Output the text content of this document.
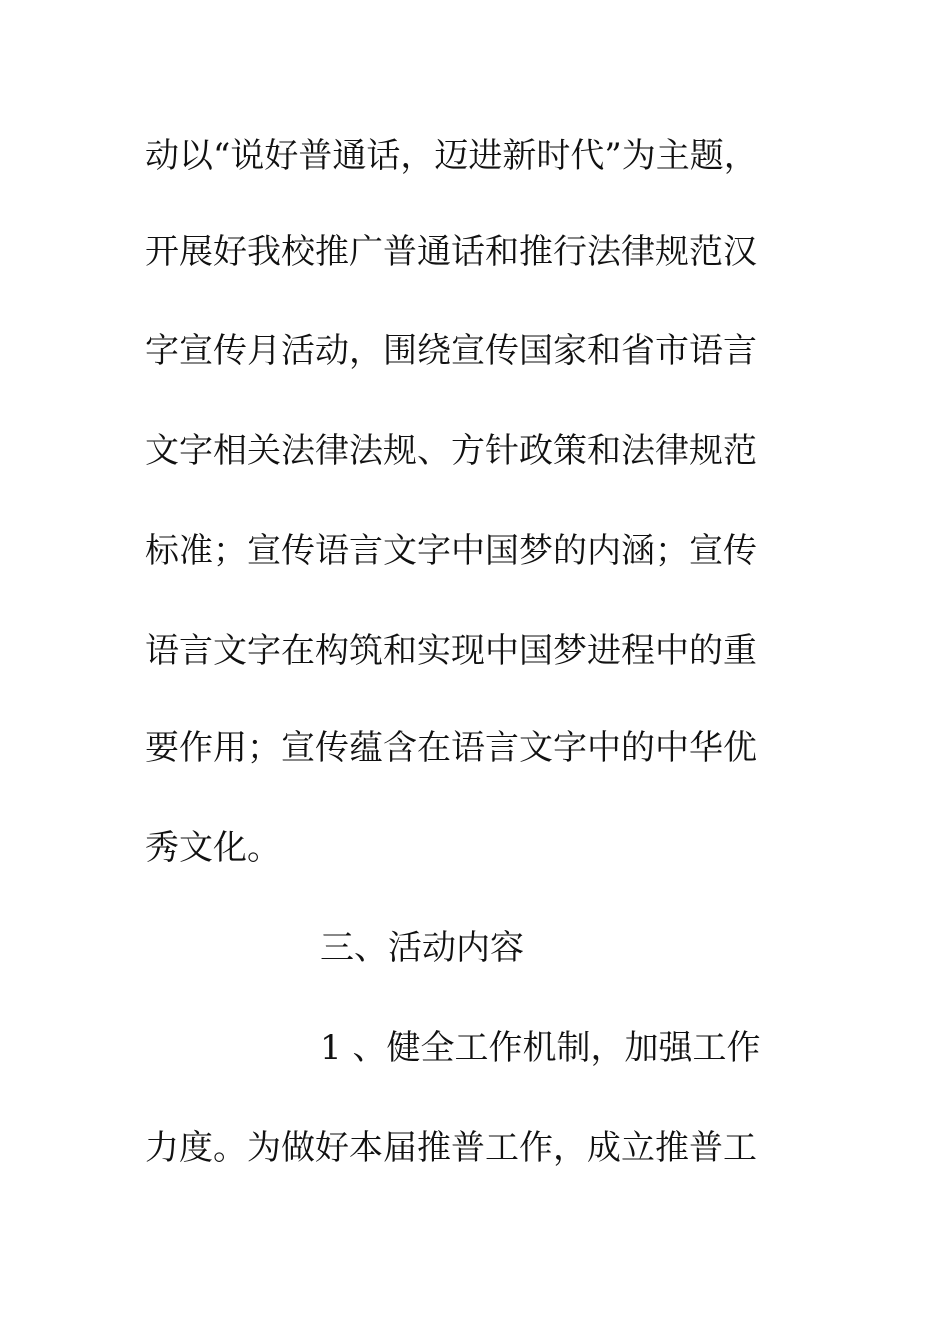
动以“说好普通话，迈进新时代”为主题，
开展好我校推广普通话和推行法律规范汉
字宣传月活动，围绕宣传国家和省市语言
文字相关法律法规、方针政策和法律规范
标准；宣传语言文字中国梦的内涵；宣传
语言文字在构筑和实现中国梦进程中的重
要作用；宣传蕴含在语言文字中的中华优
秀文化。
三、活动内容
1 、健全工作机制，加强工作
力度。为做好本届推普工作，成立推普工
